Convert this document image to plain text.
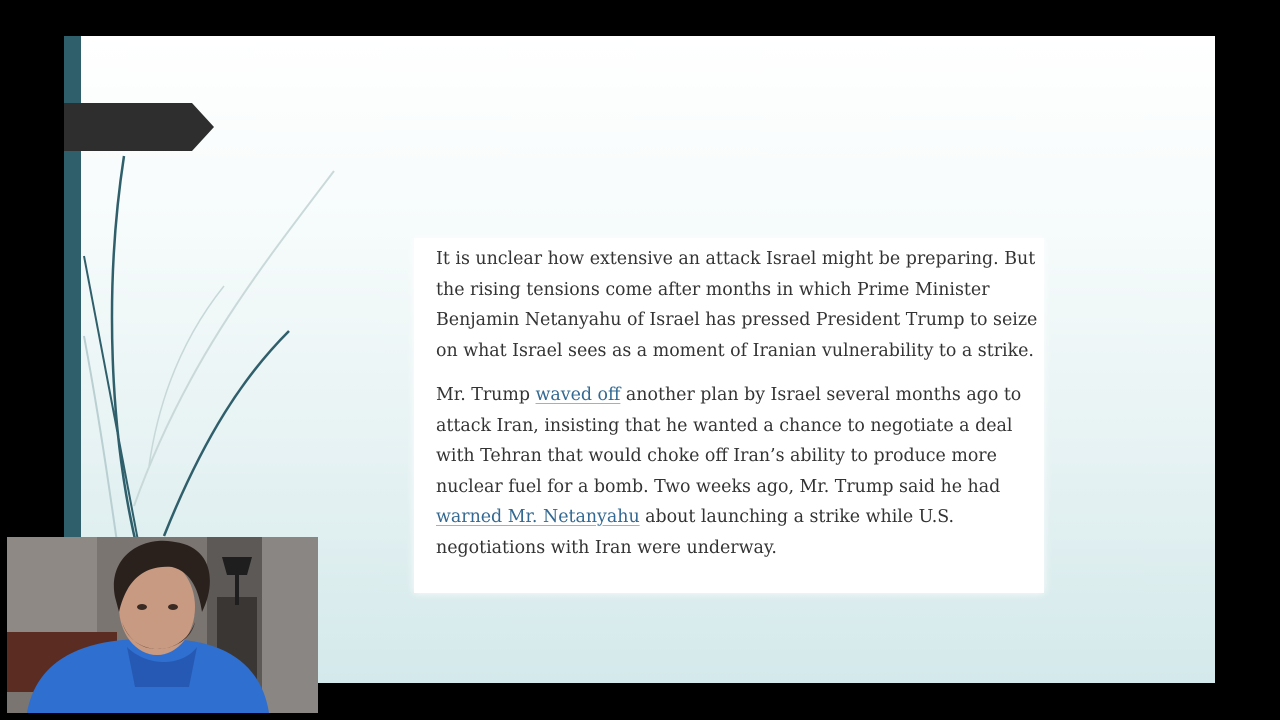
It is unclear how extensive an attack Israel might be preparing. But the rising tensions come after months in which Prime Minister Benjamin Netanyahu of Israel has pressed President Trump to seize on what Israel sees as a moment of Iranian vulnerability to a strike.

Mr. Trump waved off another plan by Israel several months ago to attack Iran, insisting that he wanted a chance to negotiate a deal with Tehran that would choke off Iran’s ability to produce more nuclear fuel for a bomb. Two weeks ago, Mr. Trump said he had warned Mr. Netanyahu about launching a strike while U.S. negotiations with Iran were underway.
